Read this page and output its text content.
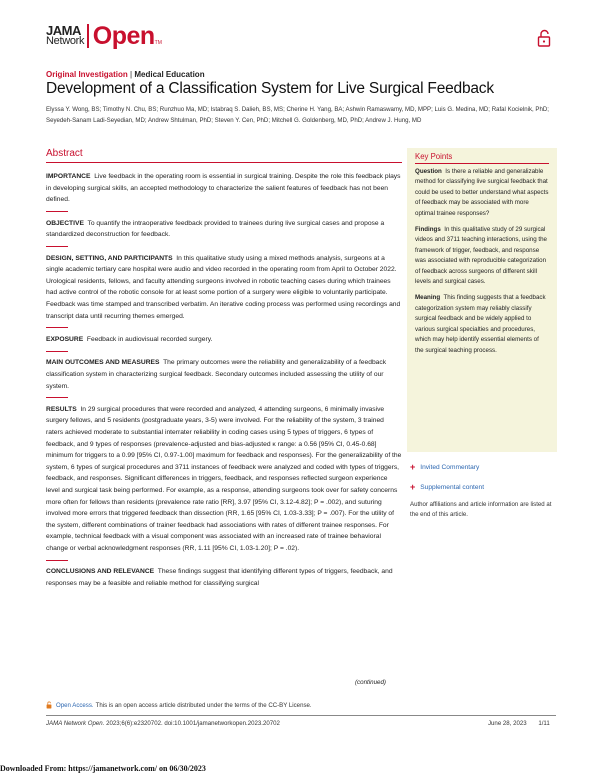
JAMA
Network Open TM
Original Investigation | Medical Education
Development of a Classification System for Live Surgical Feedback
Elyssa Y. Wong, BS; Timothy N. Chu, BS; Runzhuo Ma, MD; Istabraq S. Dalieh, BS, MS; Cherine H. Yang, BA; Ashwin Ramaswamy, MD, MPP; Luis G. Medina, MD; Rafal Kocielnik, PhD; Seyedeh-Sanam Ladi-Seyedian, MD; Andrew Shtulman, PhD; Steven Y. Cen, PhD; Mitchell G. Goldenberg, MD, PhD; Andrew J. Hung, MD
Abstract

IMPORTANCE Live feedback in the operating room is essential in surgical training. Despite the role this feedback plays in developing surgical skills, an accepted methodology to characterize the salient features of feedback has not been defined.

OBJECTIVE To quantify the intraoperative feedback provided to trainees during live surgical cases and propose a standardized deconstruction for feedback.

DESIGN, SETTING, AND PARTICIPANTS In this qualitative study using a mixed methods analysis, surgeons at a single academic tertiary care hospital were audio and video recorded in the operating room from April to October 2022. Urological residents, fellows, and faculty attending surgeons involved in robotic teaching cases during which trainees had active control of the robotic console for at least some portion of a surgery were eligible to voluntarily participate. Feedback was time stamped and transcribed verbatim. An iterative coding process was performed using recordings and transcript data until recurring themes emerged.

EXPOSURE Feedback in audiovisual recorded surgery.

MAIN OUTCOMES AND MEASURES The primary outcomes were the reliability and generalizability of a feedback classification system in characterizing surgical feedback. Secondary outcomes included assessing the utility of our system.

RESULTS In 29 surgical procedures that were recorded and analyzed, 4 attending surgeons, 6 minimally invasive surgery fellows, and 5 residents (postgraduate years, 3-5) were involved. For the reliability of the system, 3 trained raters achieved moderate to substantial interrater reliability in coding cases using 5 types of triggers, 6 types of feedback, and 9 types of responses (prevalence-adjusted and bias-adjusted κ range: a 0.56 [95% CI, 0.45-0.68] minimum for triggers to a 0.99 [95% CI, 0.97-1.00] maximum for feedback and responses). For the generalizability of the system, 6 types of surgical procedures and 3711 instances of feedback were analyzed and coded with types of triggers, feedback, and responses. Significant differences in triggers, feedback, and responses reflected surgeon experience level and surgical task being performed. For example, as a response, attending surgeons took over for safety concerns more often for fellows than residents (prevalence rate ratio [RR], 3.97 [95% CI, 3.12-4.82]; P = .002), and suturing involved more errors that triggered feedback than dissection (RR, 1.65 [95% CI, 1.03-3.33]; P = .007). For the utility of the system, different combinations of trainer feedback had associations with rates of different trainee responses. For example, technical feedback with a visual component was associated with an increased rate of trainee behavioral change or verbal acknowledgment responses (RR, 1.11 [95% CI, 1.03-1.20]; P = .02).

CONCLUSIONS AND RELEVANCE These findings suggest that identifying different types of triggers, feedback, and responses may be a feasible and reliable method for classifying surgical

(continued)
Key Points

Question Is there a reliable and generalizable method for classifying live surgical feedback that could be used to better understand what aspects of feedback may be associated with more optimal trainee responses?

Findings In this qualitative study of 29 surgical videos and 3711 teaching interactions, using the framework of trigger, feedback, and response was associated with reproducible categorization of feedback across surgeons of different skill levels and surgical cases.

Meaning This finding suggests that a feedback categorization system may reliably classify surgical feedback and be widely applied to various surgical specialties and procedures, which may help identify essential elements of the surgical teaching process.

+ Invited Commentary
+ Supplemental content
Author affiliations and article information are listed at the end of this article.
Open Access. This is an open access article distributed under the terms of the CC-BY License.
JAMA Network Open. 2023;6(6):e2320702. doi:10.1001/jamanetworkopen.2023.20702	June 28, 2023 1/11
Downloaded From: https://jamanetwork.com/ on 06/30/2023
